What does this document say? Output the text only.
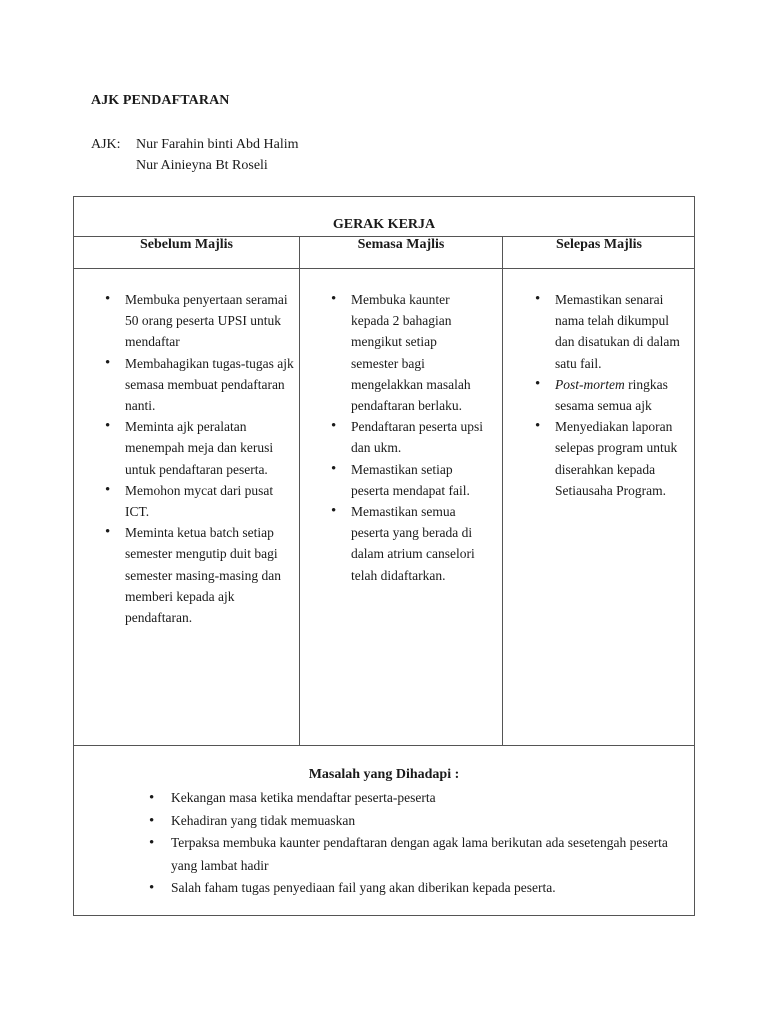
AJK PENDAFTARAN
AJK: Nur Farahin binti Abd Halim
Nur Ainieyna Bt Roseli
GERAK KERJA
Sebelum Majlis	Semasa Majlis	Selepas Majlis
• Membuka penyertaan seramai 50 orang peserta UPSI untuk mendaftar
• Membahagikan tugas-tugas ajk semasa membuat pendaftaran nanti.
• Meminta ajk peralatan menempah meja dan kerusi untuk pendaftaran peserta.
• Memohon mycat dari pusat ICT.
• Meminta ketua batch setiap semester mengutip duit bagi semester masing-masing dan memberi kepada ajk pendaftaran.
• Membuka kaunter kepada 2 bahagian mengikut setiap semester bagi mengelakkan masalah pendaftaran berlaku.
• Pendaftaran peserta upsi dan ukm.
• Memastikan setiap peserta mendapat fail.
• Memastikan semua peserta yang berada di dalam atrium canselori telah didaftarkan.
• Memastikan senarai nama telah dikumpul dan disatukan di dalam satu fail.
• Post-mortem ringkas sesama semua ajk
• Menyediakan laporan selepas program untuk diserahkan kepada Setiausaha Program.
Masalah yang Dihadapi :
• Kekangan masa ketika mendaftar peserta-peserta
• Kehadiran yang tidak memuaskan
• Terpaksa membuka kaunter pendaftaran dengan agak lama berikutan ada sesetengah peserta yang lambat hadir
• Salah faham tugas penyediaan fail yang akan diberikan kepada peserta.
